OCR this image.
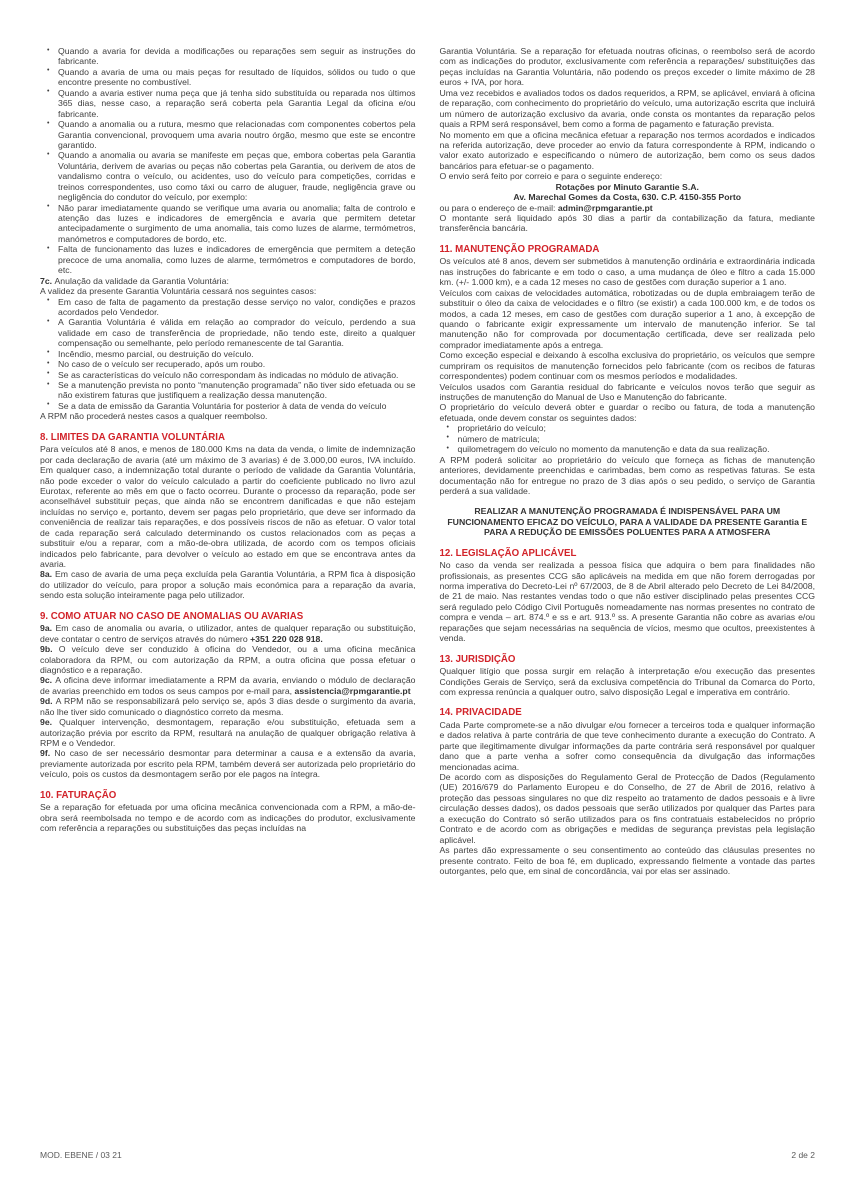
• Quando a avaria for devida a modificações ou reparações sem seguir as instruções do fabricante.
• Quando a avaria de uma ou mais peças for resultado de líquidos, sólidos ou tudo o que encontre presente no combustível.
• Quando a avaria estiver numa peça que já tenha sido substituída ou reparada nos últimos 365 dias, nesse caso, a reparação será coberta pela Garantia Legal da oficina e/ou fabricante.
• Quando a anomalia ou a rutura, mesmo que relacionadas com componentes cobertos pela Garantia convencional, provoquem uma avaria noutro órgão, mesmo que este se encontre garantido.
• Quando a anomalia ou avaria se manifeste em peças que, embora cobertas pela Garantia Voluntária, derivem de avarias ou peças não cobertas pela Garantia, ou derivem de atos de vandalismo contra o veículo, ou acidentes, uso do veículo para competições, corridas e treinos correspondentes, uso como táxi ou carro de aluguer, fraude, negligência grave ou negligência do condutor do veículo, por exemplo:
• Não parar imediatamente quando se verifique uma avaria ou anomalia; falta de controlo e atenção das luzes e indicadores de emergência e avaria que permitem detetar antecipadamente o surgimento de uma anomalia, tais como luzes de alarme, termómetros, manómetros e computadores de bordo, etc.
• Falta de funcionamento das luzes e indicadores de emergência que permitem a deteção precoce de uma anomalia, como luzes de alarme, termómetros e computadores de bordo, etc.
7c. Anulação da validade da Garantia Voluntária:
A validez da presente Garantia Voluntária cessará nos seguintes casos:
• Em caso de falta de pagamento da prestação desse serviço no valor, condições e prazos acordados pelo Vendedor.
• A Garantia Voluntária é válida em relação ao comprador do veículo, perdendo a sua validade em caso de transferência de propriedade, não tendo este, direito a qualquer compensação ou semelhante, pelo período remanescente de tal Garantia.
• Incêndio, mesmo parcial, ou destruição do veículo.
• No caso de o veículo ser recuperado, após um roubo.
• Se as características do veículo não correspondam às indicadas no módulo de ativação.
• Se a manutenção prevista no ponto “manutenção programada” não tiver sido efetuada ou se não existirem faturas que justifiquem a realização dessa manutenção.
• Se a data de emissão da Garantia Voluntária for posterior à data de venda do veículo
A RPM não procederá nestes casos a qualquer reembolso.
8. LIMITES DA GARANTIA VOLUNTÁRIA
Para veículos até 8 anos, e menos de 180.000 Kms na data da venda, o limite de indemnização por cada declaração de avaria (até um máximo de 3 avarias) é de 3.000,00 euros, IVA incluído. Em qualquer caso, a indemnização total durante o período de validade da Garantia Voluntária, não pode exceder o valor do veículo calculado a partir do coeficiente publicado no livro azul Eurotax, referente ao mês em que o facto ocorreu. Durante o processo da reparação, pode ser aconselhável substituir peças, que ainda não se encontrem danificadas e que não estejam incluídas no serviço e, portanto, devem ser pagas pelo proprietário, que deve ser informado da conveniência de realizar tais reparações, e dos possíveis riscos de não as efetuar. O valor total de cada reparação será calculado determinando os custos relacionados com as peças a substituir e/ou a reparar, com a mão-de-obra utilizada, de acordo com os tempos oficiais indicados pelo fabricante, para devolver o veículo ao estado em que se encontrava antes da avaria.
8a. Em caso de avaria de uma peça excluída pela Garantia Voluntária, a RPM fica à disposição do utilizador do veículo, para propor a solução mais económica para a reparação da avaria, sendo esta solução inteiramente paga pelo utilizador.
9. COMO ATUAR NO CASO DE ANOMALIAS OU AVARIAS
9a. Em caso de anomalia ou avaria, o utilizador, antes de qualquer reparação ou substituição, deve contatar o centro de serviços através do número +351 220 028 918.
9b. O veículo deve ser conduzido à oficina do Vendedor, ou a uma oficina mecânica colaboradora da RPM, ou com autorização da RPM, a outra oficina que possa efetuar o diagnóstico e a reparação.
9c. A oficina deve informar imediatamente a RPM da avaria, enviando o módulo de declaração de avarias preenchido em todos os seus campos por e-mail para, assistencia@rpmgarantie.pt
9d. A RPM não se responsabilizará pelo serviço se, após 3 dias desde o surgimento da avaria, não lhe tiver sido comunicado o diagnóstico correto da mesma.
9e. Qualquer intervenção, desmontagem, reparação e/ou substituição, efetuada sem a autorização prévia por escrito da RPM, resultará na anulação de qualquer obrigação relativa à RPM e o Vendedor.
9f. No caso de ser necessário desmontar para determinar a causa e a extensão da avaria, previamente autorizada por escrito pela RPM, também deverá ser autorizada pelo proprietário do veículo, pois os custos da desmontagem serão por ele pagos na íntegra.
10. FATURAÇÃO
Se a reparação for efetuada por uma oficina mecânica convencionada com a RPM, a mão-de-obra será reembolsada no tempo e de acordo com as indicações do produtor, exclusivamente com referência a reparações ou substituições das peças incluídas na
Garantia Voluntária. Se a reparação for efetuada noutras oficinas, o reembolso será de acordo com as indicações do produtor, exclusivamente com referência a reparações/ substituições das peças incluídas na Garantia Voluntária, não podendo os preços exceder o limite máximo de 28 euros + IVA, por hora.
Uma vez recebidos e avaliados todos os dados requeridos, a RPM, se aplicável, enviará à oficina de reparação, com conhecimento do proprietário do veículo, uma autorização escrita que incluirá um número de autorização exclusivo da avaria, onde consta os montantes da reparação pelos quais a RPM será responsável, bem como a forma de pagamento e faturação prevista.
No momento em que a oficina mecânica efetuar a reparação nos termos acordados e indicados na referida autorização, deve proceder ao envio da fatura correspondente à RPM, indicando o valor exato autorizado e especificando o número de autorização, bem como os seus dados bancários para efetuar-se o pagamento.
O envio será feito por correio e para o seguinte endereço:
Rotações por Minuto Garantie S.A.
Av. Marechal Gomes da Costa, 630. C.P. 4150-355 Porto
ou para o endereço de e-mail: admin@rpmgarantie.pt
O montante será liquidado após 30 dias a partir da contabilização da fatura, mediante transferência bancária.
11. MANUTENÇÃO PROGRAMADA
Os veículos até 8 anos, devem ser submetidos à manutenção ordinária e extraordinária indicada nas instruções do fabricante e em todo o caso, a uma mudança de óleo e filtro a cada 15.000 km. (+/- 1.000 km), e a cada 12 meses no caso de gestões com duração superior a 1 ano.
Veículos com caixas de velocidades automática, robotizadas ou de dupla embraiagem terão de substituir o óleo da caixa de velocidades e o filtro (se existir) a cada 100.000 km, e de todos os modos, a cada 12 meses, em caso de gestões com duração superior a 1 ano, à excepção de quando o fabricante exigir expressamente um intervalo de manutenção inferior. Se tal manutenção não for comprovada por documentação certificada, deve ser realizada pelo comprador imediatamente após a entrega.
Como exceção especial e deixando à escolha exclusiva do proprietário, os veículos que sempre cumpriram os requisitos de manutenção fornecidos pelo fabricante (com os recibos de faturas correspondentes) podem continuar com os mesmos períodos e modalidades.
Veículos usados com Garantia residual do fabricante e veículos novos terão que seguir as instruções de manutenção do Manual de Uso e Manutenção do fabricante.
O proprietário do veículo deverá obter e guardar o recibo ou fatura, de toda a manutenção efetuada, onde devem constar os seguintes dados:
• proprietário do veículo;
• número de matrícula;
• quilometragem do veículo no momento da manutenção e data da sua realização.
A RPM poderá solicitar ao proprietário do veículo que forneça as fichas de manutenção anteriores, devidamente preenchidas e carimbadas, bem como as respetivas faturas. Se esta documentação não for entregue no prazo de 3 dias após o seu pedido, o serviço de Garantia perderá a sua validade.
REALIZAR A MANUTENÇÃO PROGRAMADA É INDISPENSÁVEL PARA UM FUNCIONAMENTO EFICAZ DO VEÍCULO, PARA A VALIDADE DA PRESENTE Garantia E PARA A REDUÇÃO DE EMISSÕES POLUENTES PARA A ATMOSFERA
12. LEGISLAÇÃO APLICÁVEL
No caso da venda ser realizada a pessoa física que adquira o bem para finalidades não profissionais, as presentes CCG são aplicáveis na medida em que não forem derrogadas por norma imperativa do Decreto-Lei nº 67/2003, de 8 de Abril alterado pelo Decreto de Lei 84/2008, de 21 de maio. Nas restantes vendas todo o que não estiver disciplinado pelas presentes CCG será regulado pelo Código Civil Português nomeadamente nas normas presentes no contrato de compra e venda – art. 874.º e ss e art. 913.º ss. A presente Garantia não cobre as avarias e/ou reparações que sejam necessárias na sequência de vícios, mesmo que ocultos, preexistentes à venda.
13. JURISDIÇÃO
Qualquer litígio que possa surgir em relação à interpretação e/ou execução das presentes Condições Gerais de Serviço, será da exclusiva competência do Tribunal da Comarca do Porto, com expressa renúncia a qualquer outro, salvo disposição Legal e imperativa em contrário.
14. PRIVACIDADE
Cada Parte compromete-se a não divulgar e/ou fornecer a terceiros toda e qualquer informação e dados relativa à parte contrária de que teve conhecimento durante a execução do Contrato. A parte que ilegitimamente divulgar informações da parte contrária será responsável por qualquer dano que a parte venha a sofrer como consequência da divulgação das informações mencionadas acima.
De acordo com as disposições do Regulamento Geral de Protecção de Dados (Regulamento (UE) 2016/679 do Parlamento Europeu e do Conselho, de 27 de Abril de 2016, relativo à proteção das pessoas singulares no que diz respeito ao tratamento de dados pessoais e à livre circulação desses dados), os dados pessoais que serão utilizados por qualquer das Partes para a execução do Contrato só serão utilizados para os fins contratuais estabelecidos no próprio Contrato e de acordo com as obrigações e medidas de segurança previstas pela legislação aplicável.
As partes dão expressamente o seu consentimento ao conteúdo das cláusulas presentes no presente contrato. Feito de boa fé, em duplicado, expressando fielmente a vontade das partes outorgantes, pelo que, em sinal de concordância, vai por elas ser assinado.
MOD. EBENE / 03 21	2 de 2
